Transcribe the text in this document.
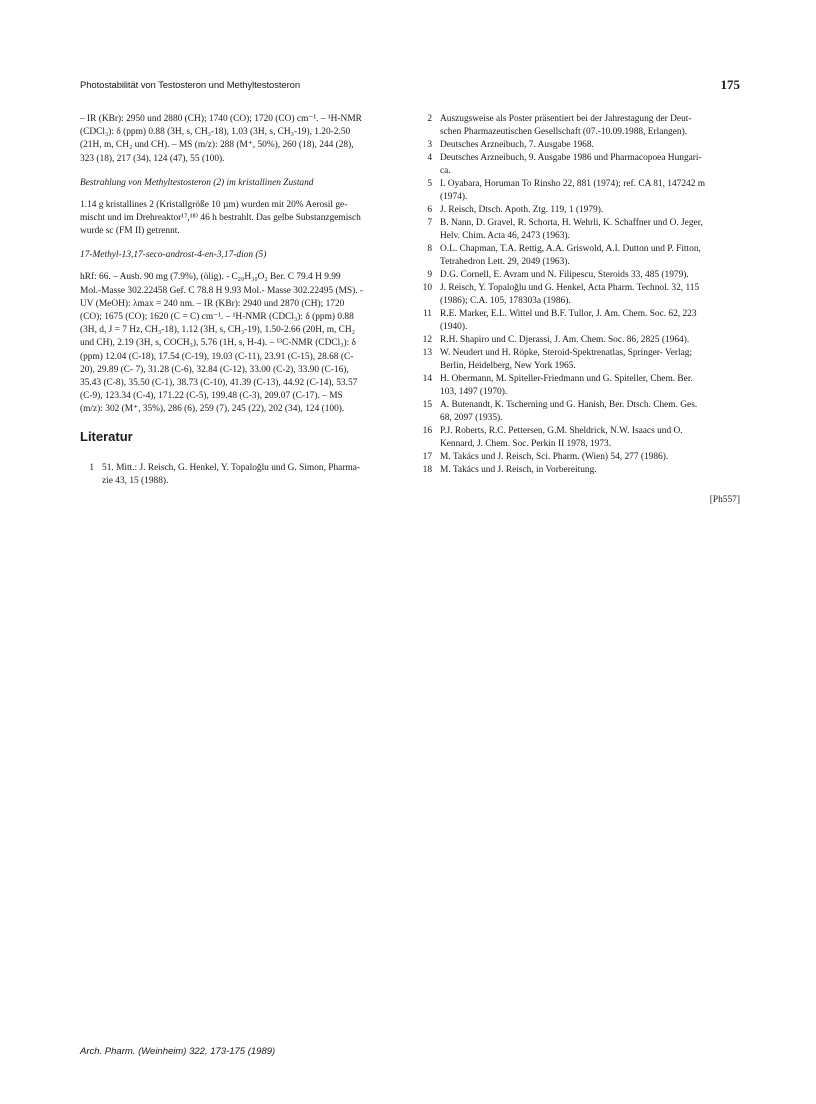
Photostabilität von Testosteron und Methyltestosteron	175
– IR (KBr): 2950 und 2880 (CH); 1740 (CO); 1720 (CO) cm⁻¹. – ¹H-NMR
(CDCl₃): δ (ppm) 0.88 (3H, s, CH₃-18), 1.03 (3H, s, CH₃-19), 1.20-2.50
(21H, m, CH₂ und CH). – MS (m/z): 288 (M⁺, 50%), 260 (18), 244 (28),
323 (18), 217 (34), 124 (47), 55 (100).
Bestrahlung von Methyltestosteron (2) im kristallinen Zustand
1.14 g kristallines 2 (Kristallgröße 10 µm) wurden mit 20% Aerosil ge-
mischt und im Drehreaktor¹⁷,¹⁸⁾ 46 h bestrahlt. Das gelbe Substanzgemisch
wurde sc (FM II) getrennt.
17-Methyl-13,17-seco-androst-4-en-3,17-dion (5)
hRf: 66. – Ausb. 90 mg (7.9%), (ölig). - C₂₀H₃₀O₂ Ber. C 79.4 H 9.99
Mol.-Masse 302.22458 Gef. C 78.8 H 9.93 Mol.- Masse 302.22495 (MS). -
UV (MeOH): λmax = 240 nm. – IR (KBr): 2940 und 2870 (CH); 1720
(CO); 1675 (CO); 1620 (C = C) cm⁻¹. – ¹H-NMR (CDCl₃): δ (ppm) 0.88
(3H, d, J = 7 Hz, CH₃-18), 1.12 (3H, s, CH₃-19), 1.50-2.66 (20H, m, CH₂
und CH), 2.19 (3H, s, COCH₃), 5.76 (1H, s, H-4). – ¹³C-NMR (CDCl₃): δ
(ppm) 12.04 (C-18), 17.54 (C-19), 19.03 (C-11), 23.91 (C-15), 28.68 (C-
20), 29.89 (C- 7), 31.28 (C-6), 32.84 (C-12), 33.00 (C-2), 33.90 (C-16),
35.43 (C-8), 35.50 (C-1), 38.73 (C-10), 41.39 (C-13), 44.92 (C-14), 53.57
(C-9), 123.34 (C-4), 171.22 (C-5), 199.48 (C-3), 209.07 (C-17). – MS
(m/z): 302 (M⁺, 35%), 286 (6), 259 (7), 245 (22), 202 (34), 124 (100).
Literatur
1 51. Mitt.: J. Reisch, G. Henkel, Y. Topaloğlu und G. Simon, Pharma-
zie 43, 15 (1988).
2 Auszugsweise als Poster präsentiert bei der Jahrestagung der Deut-
schen Pharmazeutischen Gesellschaft (07.-10.09.1988, Erlangen).
3 Deutsches Arzneibuch, 7. Ausgabe 1968.
4 Deutsches Arzneibuch, 9. Ausgabe 1986 und Pharmacopoea Hungari-
ca.
5 I. Oyabara, Horuman To Rinsho 22, 881 (1974); ref. CA 81, 147242 m
(1974).
6 J. Reisch, Dtsch. Apoth. Ztg. 119, 1 (1979).
7 B. Nann, D. Gravel, R. Schorta, H. Wehrli, K. Schaffner und O. Jeger,
Helv. Chim. Acta 46, 2473 (1963).
8 O.L. Chapman, T.A. Rettig, A.A. Griswold, A.I. Dutton und P. Fitton,
Tetrahedron Lett. 29, 2049 (1963).
9 D.G. Cornell, E. Avram und N. Filipescu, Steroids 33, 485 (1979).
10 J. Reisch, Y. Topaloğlu und G. Henkel, Acta Pharm. Technol. 32, 115
(1986); C.A. 105, 178303a (1986).
11 R.E. Marker, E.L. Wittel und B.F. Tullor, J. Am. Chem. Soc. 62, 223
(1940).
12 R.H. Shapiro und C. Djerassi, J. Am. Chem. Soc. 86, 2825 (1964).
13 W. Neudert und H. Röpke, Steroid-Spektrenatlas, Springer- Verlag;
Berlin, Heidelberg, New York 1965.
14 H. Obermann, M. Spiteller-Friedmann und G. Spiteller, Chem. Ber.
103, 1497 (1970).
15 A. Butenandt, K. Tscherning und G. Hanish, Ber. Dtsch. Chem. Ges.
68, 2097 (1935).
16 P.J. Roberts, R.C. Pettersen, G.M. Sheldrick, N.W. Isaacs und O.
Kennard, J. Chem. Soc. Perkin II 1978, 1973.
17 M. Takács und J. Reisch, Sci. Pharm. (Wien) 54, 277 (1986).
18 M. Takács und J. Reisch, in Vorbereitung.
[Ph557]
Arch. Pharm. (Weinheim) 322, 173-175 (1989)
